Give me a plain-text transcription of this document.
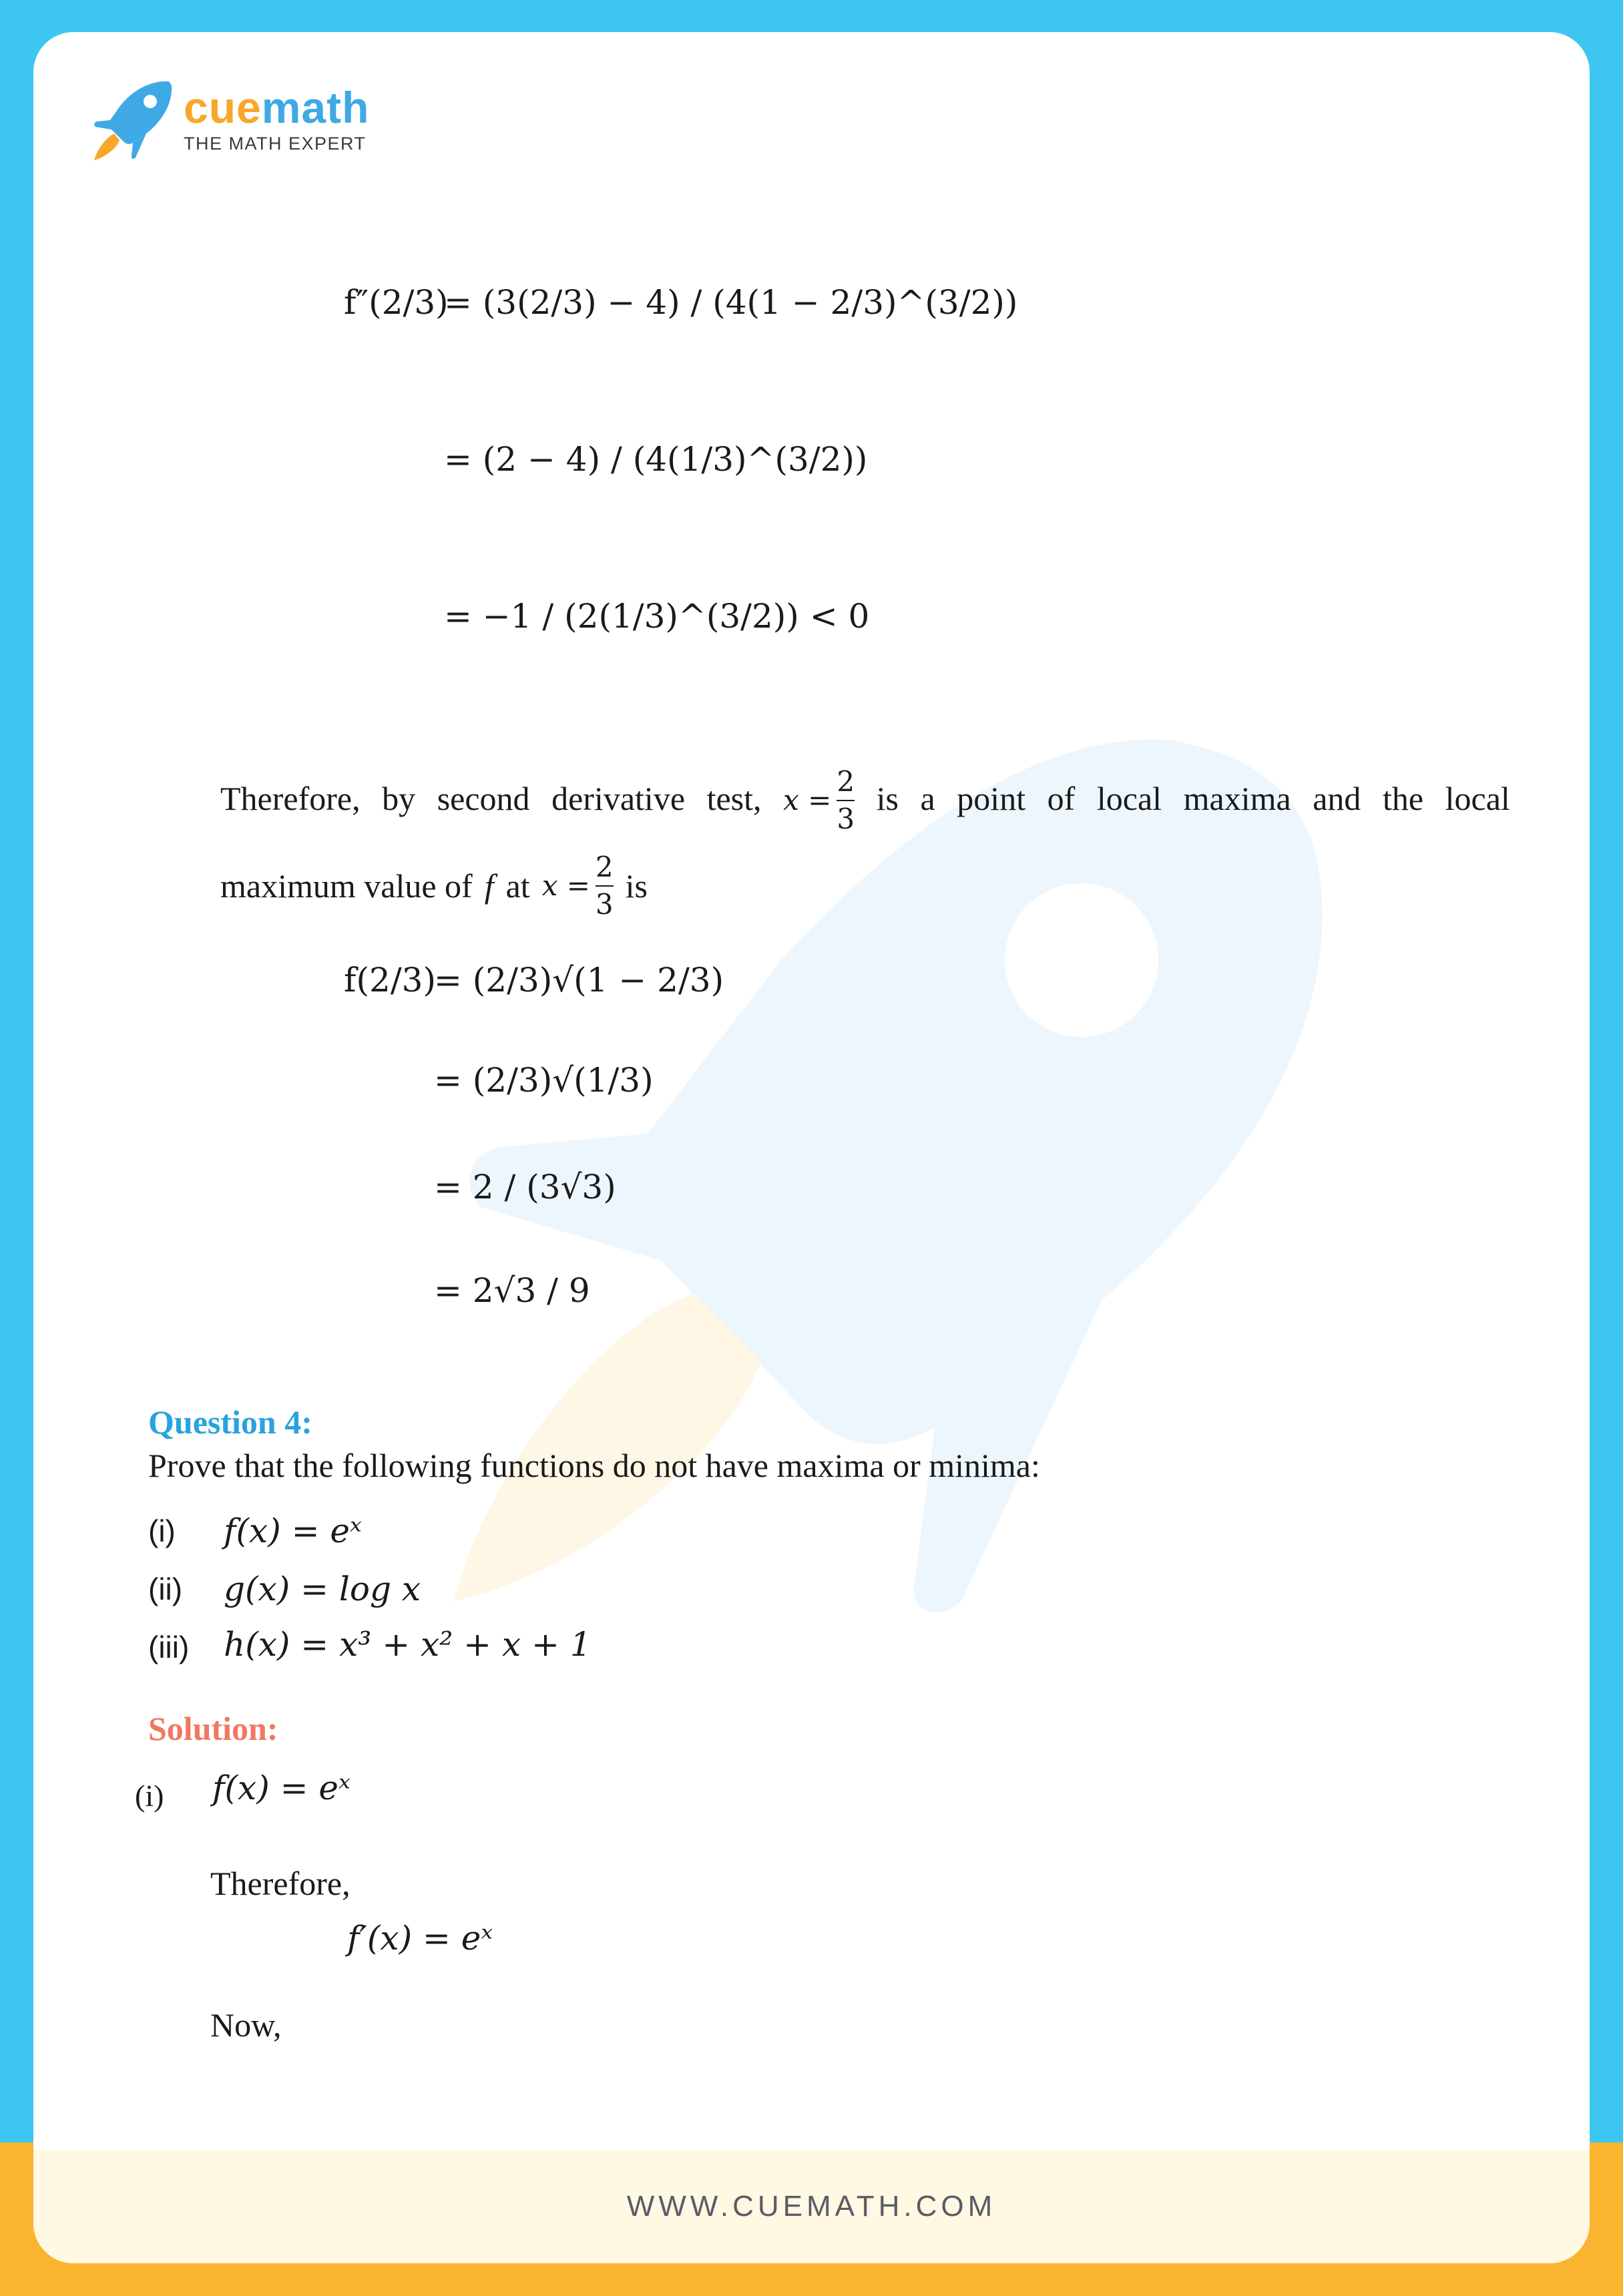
cuemath
THE MATH EXPERT
f″(2/3)
= (3(2/3) − 4) / (4(1 − 2/3)^(3/2))
= (2 − 4) / (4(1/3)^(3/2))
= −1 / (2(1/3)^(3/2)) < 0
Therefore, by second derivative test, $x = \frac{2}{3}$ is a point of local maxima and the local
maximum value of f at $x = \frac{2}{3}$ is
f(2/3)
= (2/3)√(1 − 2/3)
= (2/3)√(1/3)
= 2 / (3√3)
= 2√3 / 9
Question 4:
Prove that the following functions do not have maxima or minima:
(i) f(x) = eˣ
(ii) g(x) = log x
(iii) h(x) = x³ + x² + x + 1
Solution:
(i) f(x) = eˣ
Therefore,
f′(x) = eˣ
Now,
WWW.CUEMATH.COM
